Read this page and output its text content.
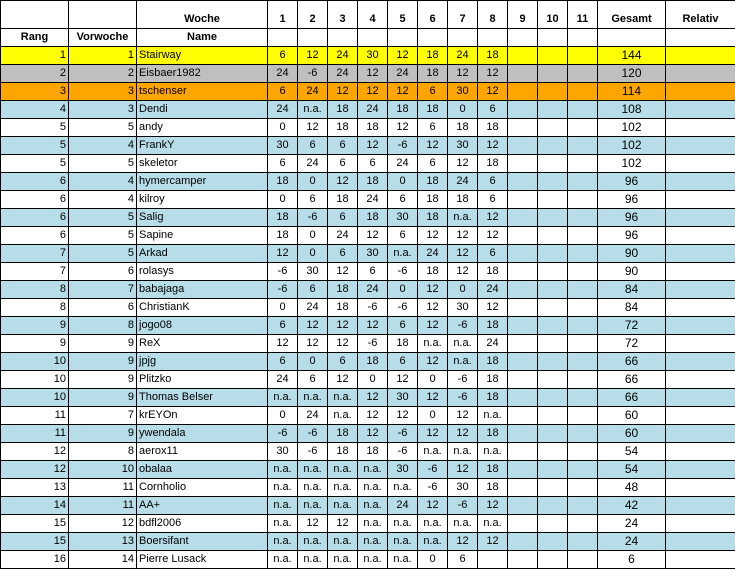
		Woche	1	2	3	4	5	6	7	8	9	10	11	Gesamt	Relativ
Rang	Vorwoche	Name													
1	1	Stairway	6	12	24	30	12	18	24	18				144	
2	2	Eisbaer1982	24	-6	24	12	24	18	12	12				120	
3	3	tschenser	6	24	12	12	12	6	30	12				114	
4	3	Dendi	24	n.a.	18	24	18	18	0	6				108	
5	5	andy	0	12	18	18	12	6	18	18				102	
5	4	FrankY	30	6	6	12	-6	12	30	12				102	
5	5	skeletor	6	24	6	6	24	6	12	18				102	
6	4	hymercamper	18	0	12	18	0	18	24	6				96	
6	4	kilroy	0	6	18	24	6	18	18	6				96	
6	5	Salig	18	-6	6	18	30	18	n.a.	12				96	
6	5	Sapine	18	0	24	12	6	12	12	12				96	
7	5	Arkad	12	0	6	30	n.a.	24	12	6				90	
7	6	rolasys	-6	30	12	6	-6	18	12	18				90	
8	7	babajaga	-6	6	18	24	0	12	0	24				84	
8	6	ChristianK	0	24	18	-6	-6	12	30	12				84	
9	8	jogo08	6	12	12	12	6	12	-6	18				72	
9	9	ReX	12	12	12	-6	18	n.a.	n.a.	24				72	
10	9	jpjg	6	0	6	18	6	12	n.a.	18				66	
10	9	Plitzko	24	6	12	0	12	0	-6	18				66	
10	9	Thomas Belser	n.a.	n.a.	n.a.	12	30	12	-6	18				66	
11	7	krEYOn	0	24	n.a.	12	12	0	12	n.a.				60	
11	9	ywendala	-6	-6	18	12	-6	12	12	18				60	
12	8	aerox11	30	-6	18	18	-6	n.a.	n.a.	n.a.				54	
12	10	obalaa	n.a.	n.a.	n.a.	n.a.	30	-6	12	18				54	
13	11	Cornholio	n.a.	n.a.	n.a.	n.a.	n.a.	-6	30	18				48	
14	11	AA+	n.a.	n.a.	n.a.	n.a.	24	12	-6	12				42	
15	12	bdfl2006	n.a.	12	12	n.a.	n.a.	n.a.	n.a.	n.a.				24	
15	13	Boersifant	n.a.	n.a.	n.a.	n.a.	n.a.	n.a.	12	12				24	
16	14	Pierre Lusack	n.a.	n.a.	n.a.	n.a.	n.a.	0	6					6	
